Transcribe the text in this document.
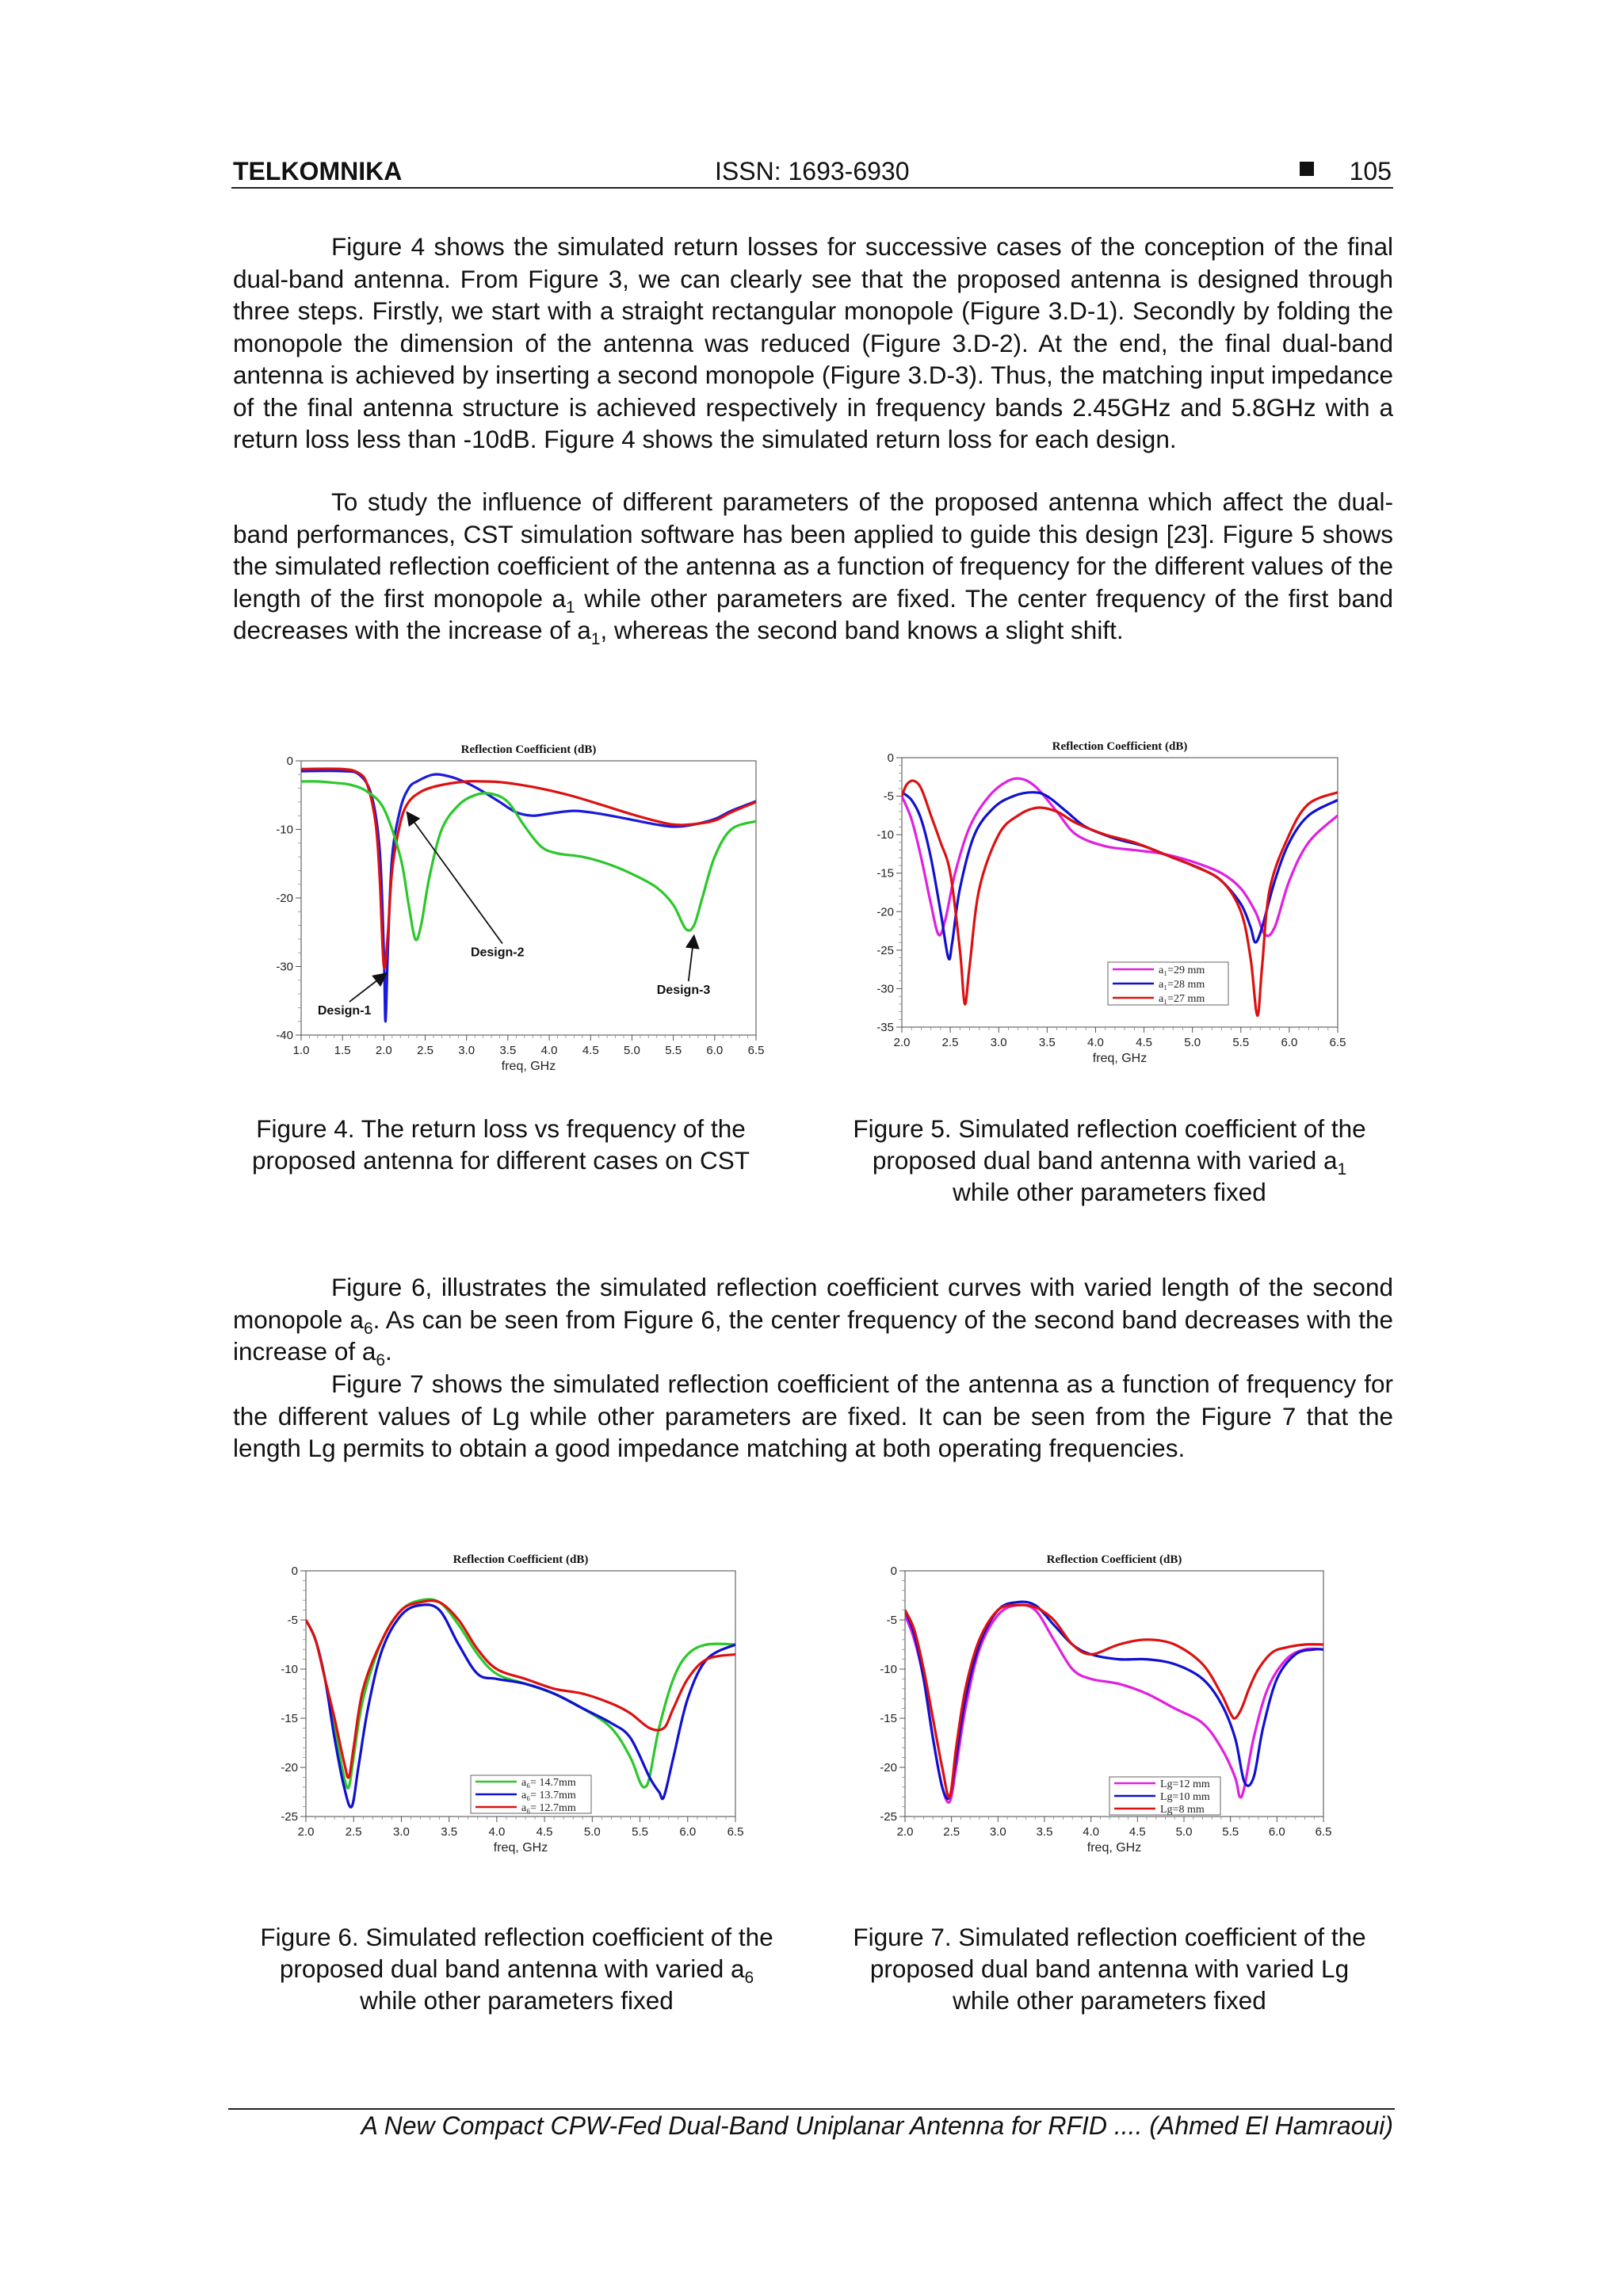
TELKOMNIKA	ISSN: 1693-6930	105

Figure 4 shows the simulated return losses for successive cases of the conception of the final dual-band antenna. From Figure 3, we can clearly see that the proposed antenna is designed through three steps. Firstly, we start with a straight rectangular monopole (Figure 3.D-1). Secondly by folding the monopole the dimension of the antenna was reduced (Figure 3.D-2). At the end, the final dual-band antenna is achieved by inserting a second monopole (Figure 3.D-3). Thus, the matching input impedance of the final antenna structure is achieved respectively in frequency bands 2.45GHz and 5.8GHz with a return loss less than -10dB. Figure 4 shows the simulated return loss for each design.

To study the influence of different parameters of the proposed antenna which affect the dual-band performances, CST simulation software has been applied to guide this design [23]. Figure 5 shows the simulated reflection coefficient of the antenna as a function of frequency for the different values of the length of the first monopole $a_1$ while other parameters are fixed. The center frequency of the first band decreases with the increase of $a_1$, whereas the second band knows a slight shift.

Figure 6, illustrates the simulated reflection coefficient curves with varied length of the second monopole $a_6$. As can be seen from Figure 6, the center frequency of the second band decreases with the increase of $a_6$.

Figure 7 shows the simulated reflection coefficient of the antenna as a function of frequency for the different values of Lg while other parameters are fixed. It can be seen from the Figure 7 that the length Lg permits to obtain a good impedance matching at both operating frequencies.

Reflection Coefficient (dB)
1.0 1.5 2.0 2.5 3.0 3.5 4.0 4.5 5.0 5.5 6.0 6.5
0
-10
-20
-30
-40
freq, GHz
Design-1
Design-2
Design-3
Reflection Coefficient (dB)
2.0	2.5	3.0	3.5	4.0	4.5	5.0	5.5	6.0	6.5
0
-5
-10
-15
-20
-25
-30
-35
freq, GHz
a₁=29 mm
a₁=28 mm
a₁=27 mm
Reflection Coefficient (dB)
2.0	2.5	3.0	3.5	4.0	4.5	5.0	5.5	6.0	6.5
0
-5
-10
-15
-20
-25
freq, GHz
a₆= 14.7mm
a₆= 13.7mm
a₆= 12.7mm
Reflection Coefficient (dB)
2.0	2.5	3.0	3.5	4.0	4.5	5.0	5.5	6.0	6.5
0
-5
-10
-15
-20
-25
freq, GHz
Lg=12 mm
Lg=10 mm
Lg=8 mm
Figure 4. The return loss vs frequency of the
proposed antenna for different cases on CST
Figure 5. Simulated reflection coefficient of the
proposed dual band antenna with varied $a_1$
while other parameters fixed
Figure 6. Simulated reflection coefficient of the
proposed dual band antenna with varied $a_6$
while other parameters fixed
Figure 7. Simulated reflection coefficient of the
proposed dual band antenna with varied Lg
while other parameters fixed
A New Compact CPW-Fed Dual-Band Uniplanar Antenna for RFID .... (Ahmed El Hamraoui)
